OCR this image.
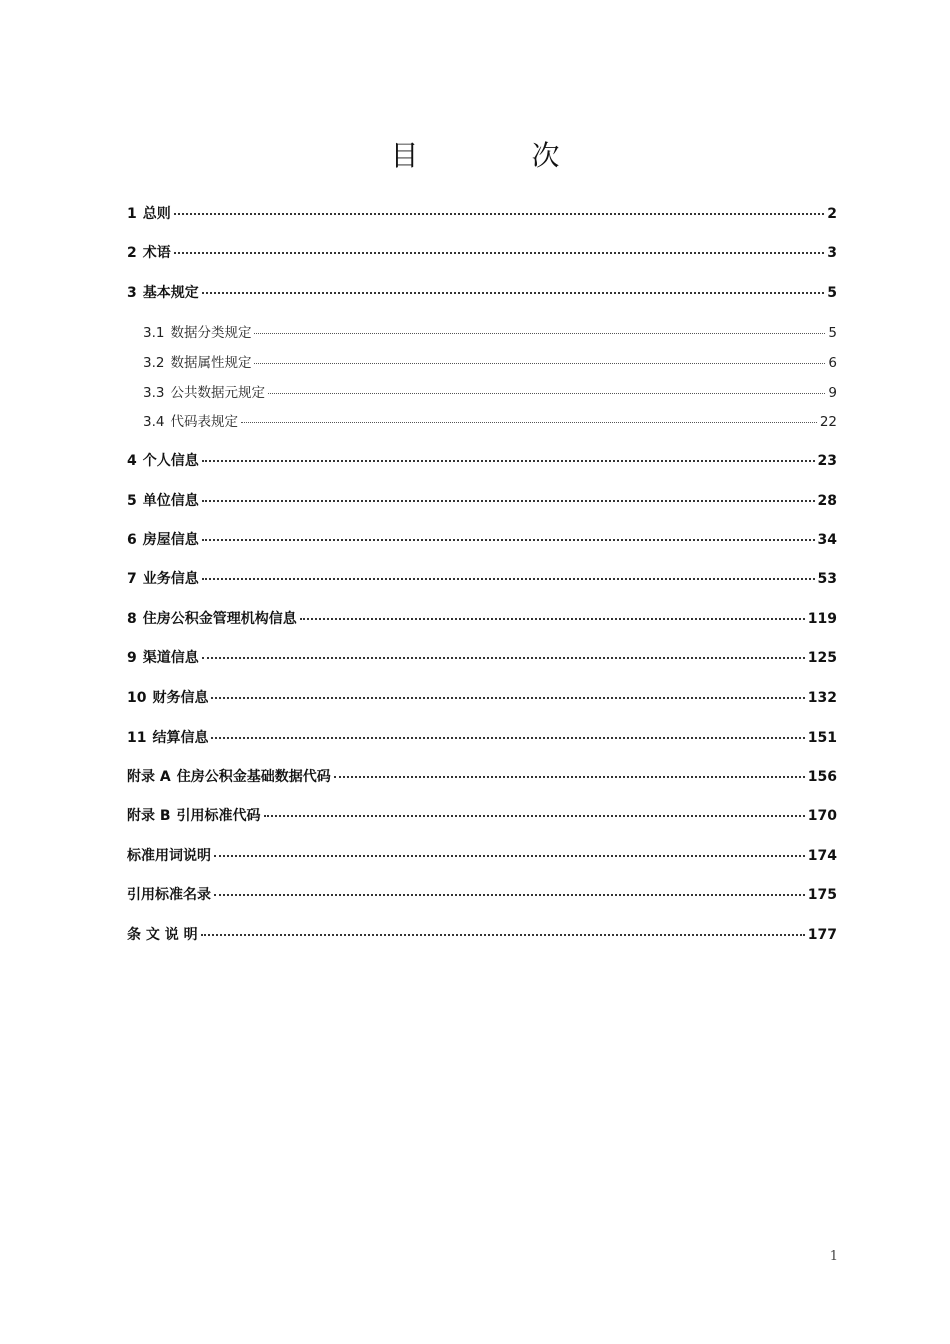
目 次
1 总则	2
2 术语	3
3 基本规定	5
3.1 数据分类规定	5
3.2 数据属性规定	6
3.3 公共数据元规定	9
3.4 代码表规定	22
4 个人信息	23
5 单位信息	28
6 房屋信息	34
7 业务信息	53
8 住房公积金管理机构信息	119
9 渠道信息	125
10 财务信息	132
11 结算信息	151
附录 A 住房公积金基础数据代码	156
附录 B 引用标准代码	170
标准用词说明	174
引用标准名录	175
条 文 说 明	177
1
